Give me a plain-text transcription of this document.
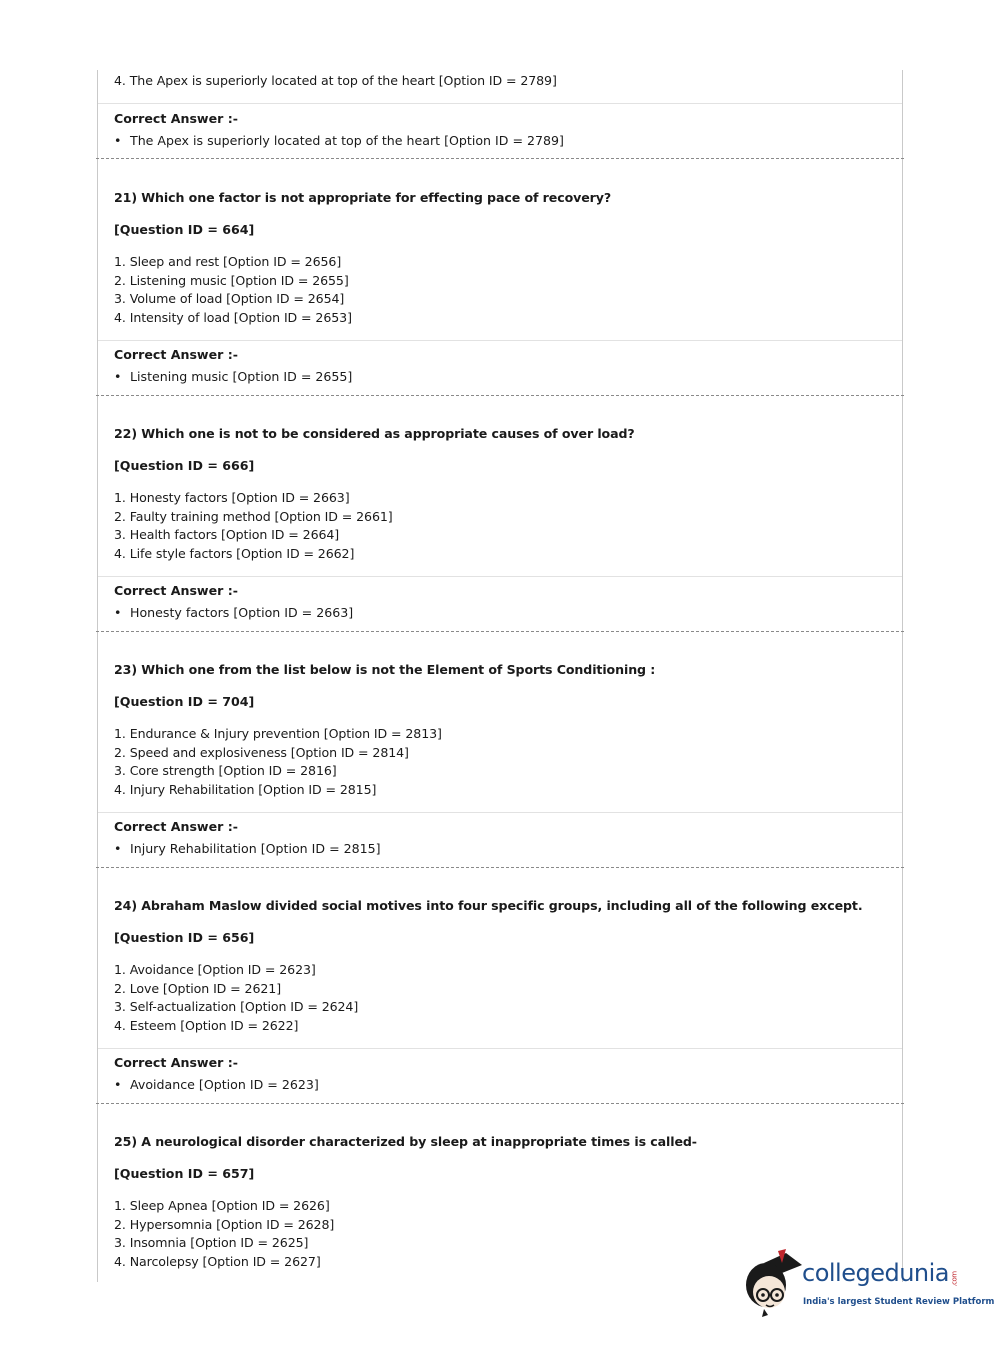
4. The Apex is superiorly located at top of the heart [Option ID = 2789]
Correct Answer :-
• The Apex is superiorly located at top of the heart [Option ID = 2789]
21) Which one factor is not appropriate for effecting pace of recovery?
[Question ID = 664]
1. Sleep and rest [Option ID = 2656]
2. Listening music [Option ID = 2655]
3. Volume of load [Option ID = 2654]
4. Intensity of load [Option ID = 2653]
Correct Answer :-
• Listening music [Option ID = 2655]
22) Which one is not to be considered as appropriate causes of over load?
[Question ID = 666]
1. Honesty factors [Option ID = 2663]
2. Faulty training method [Option ID = 2661]
3. Health factors [Option ID = 2664]
4. Life style factors [Option ID = 2662]
Correct Answer :-
• Honesty factors [Option ID = 2663]
23) Which one from the list below is not the Element of Sports Conditioning :
[Question ID = 704]
1. Endurance & Injury prevention [Option ID = 2813]
2. Speed and explosiveness [Option ID = 2814]
3. Core strength [Option ID = 2816]
4. Injury Rehabilitation [Option ID = 2815]
Correct Answer :-
• Injury Rehabilitation [Option ID = 2815]
24) Abraham Maslow divided social motives into four specific groups, including all of the following except.
[Question ID = 656]
1. Avoidance [Option ID = 2623]
2. Love [Option ID = 2621]
3. Self-actualization [Option ID = 2624]
4. Esteem [Option ID = 2622]
Correct Answer :-
• Avoidance [Option ID = 2623]
25) A neurological disorder characterized by sleep at inappropriate times is called-
[Question ID = 657]
1. Sleep Apnea [Option ID = 2626]
2. Hypersomnia [Option ID = 2628]
3. Insomnia [Option ID = 2625]
4. Narcolepsy [Option ID = 2627]	collegedunia .com
India's largest Student Review Platform
